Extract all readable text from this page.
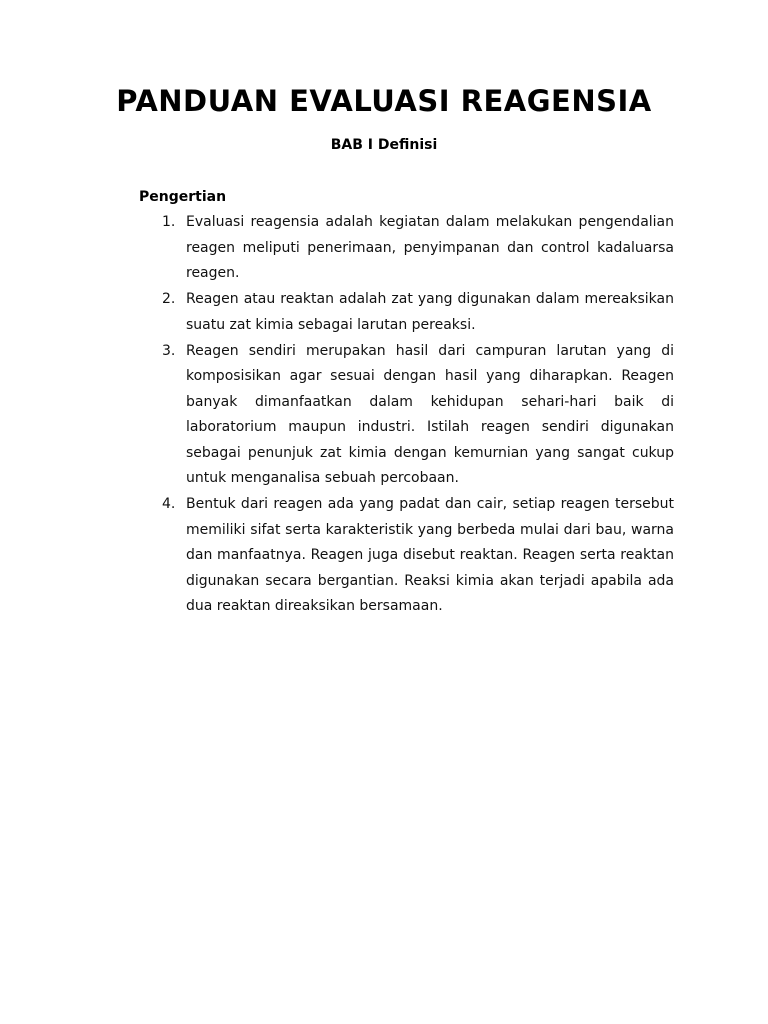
PANDUAN EVALUASI REAGENSIA
BAB I Definisi
Pengertian
1. Evaluasi reagensia adalah kegiatan dalam melakukan pengendalian reagen meliputi penerimaan, penyimpanan dan control kadaluarsa reagen.
2. Reagen atau reaktan adalah zat yang digunakan dalam mereaksikan suatu zat kimia sebagai larutan pereaksi.
3. Reagen sendiri merupakan hasil dari campuran larutan yang di komposisikan agar sesuai dengan hasil yang diharapkan. Reagen banyak dimanfaatkan dalam kehidupan sehari-hari baik di laboratorium maupun industri. Istilah reagen sendiri digunakan sebagai penunjuk zat kimia dengan kemurnian yang sangat cukup untuk menganalisa sebuah percobaan.
4. Bentuk dari reagen ada yang padat dan cair, setiap reagen tersebut memiliki sifat serta karakteristik yang berbeda mulai dari bau, warna dan manfaatnya. Reagen juga disebut reaktan. Reagen serta reaktan digunakan secara bergantian. Reaksi kimia akan terjadi apabila ada dua reaktan direaksikan bersamaan.
